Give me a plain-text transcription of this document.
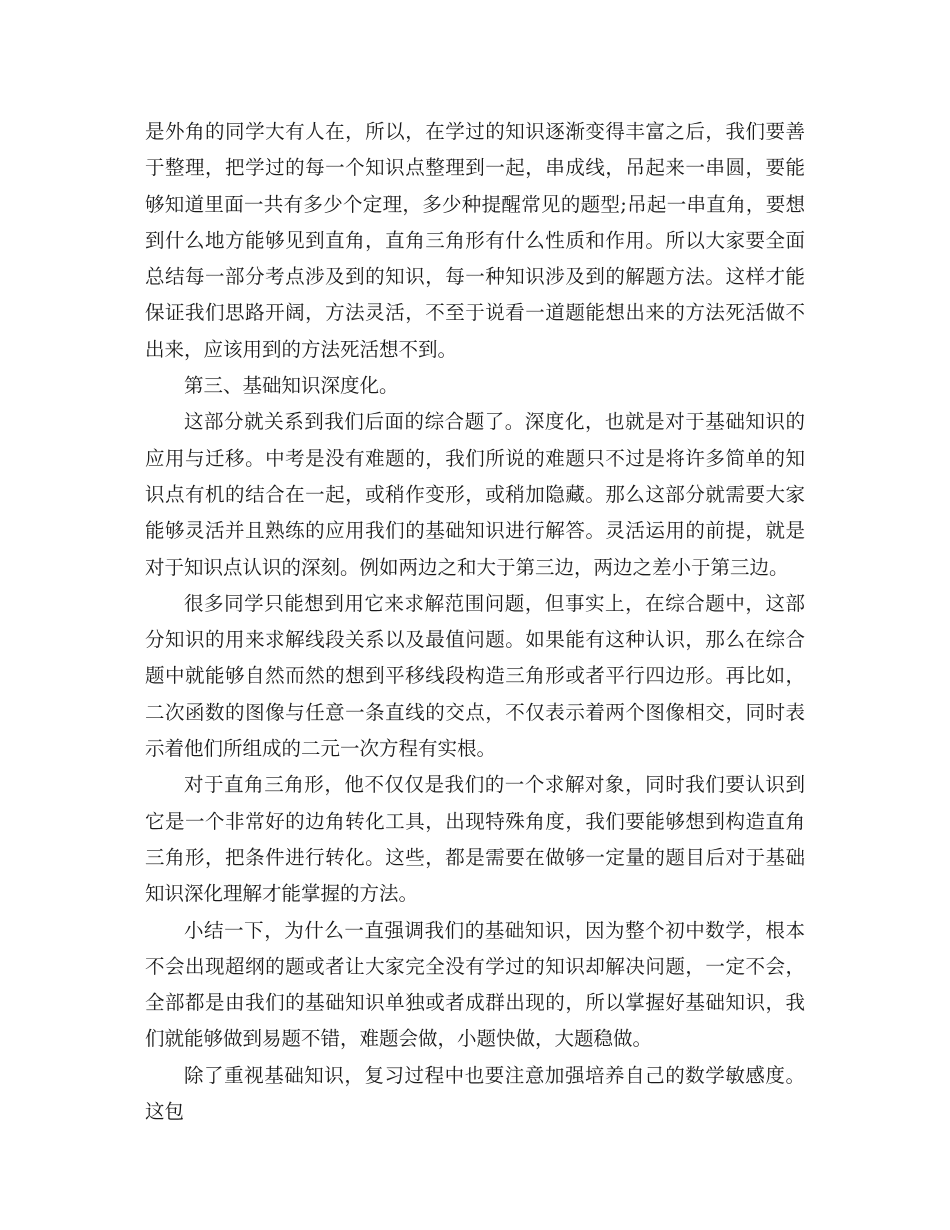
是外角的同学大有人在，所以，在学过的知识逐渐变得丰富之后，我们要善于整理，把学过的每一个知识点整理到一起，串成线，吊起来一串圆，要能够知道里面一共有多少个定理，多少种提醒常见的题型;吊起一串直角，要想到什么地方能够见到直角，直角三角形有什么性质和作用。所以大家要全面总结每一部分考点涉及到的知识，每一种知识涉及到的解题方法。这样才能保证我们思路开阔，方法灵活，不至于说看一道题能想出来的方法死活做不出来，应该用到的方法死活想不到。

第三、基础知识深度化。

这部分就关系到我们后面的综合题了。深度化，也就是对于基础知识的应用与迁移。中考是没有难题的，我们所说的难题只不过是将许多简单的知识点有机的结合在一起，或稍作变形，或稍加隐藏。那么这部分就需要大家能够灵活并且熟练的应用我们的基础知识进行解答。灵活运用的前提，就是对于知识点认识的深刻。例如两边之和大于第三边，两边之差小于第三边。

很多同学只能想到用它来求解范围问题，但事实上，在综合题中，这部分知识的用来求解线段关系以及最值问题。如果能有这种认识，那么在综合题中就能够自然而然的想到平移线段构造三角形或者平行四边形。再比如，二次函数的图像与任意一条直线的交点，不仅表示着两个图像相交，同时表示着他们所组成的二元一次方程有实根。

对于直角三角形，他不仅仅是我们的一个求解对象，同时我们要认识到它是一个非常好的边角转化工具，出现特殊角度，我们要能够想到构造直角三角形，把条件进行转化。这些，都是需要在做够一定量的题目后对于基础知识深化理解才能掌握的方法。

小结一下，为什么一直强调我们的基础知识，因为整个初中数学，根本不会出现超纲的题或者让大家完全没有学过的知识却解决问题，一定不会，全部都是由我们的基础知识单独或者成群出现的，所以掌握好基础知识，我们就能够做到易题不错，难题会做，小题快做，大题稳做。

除了重视基础知识，复习过程中也要注意加强培养自己的数学敏感度。这包
